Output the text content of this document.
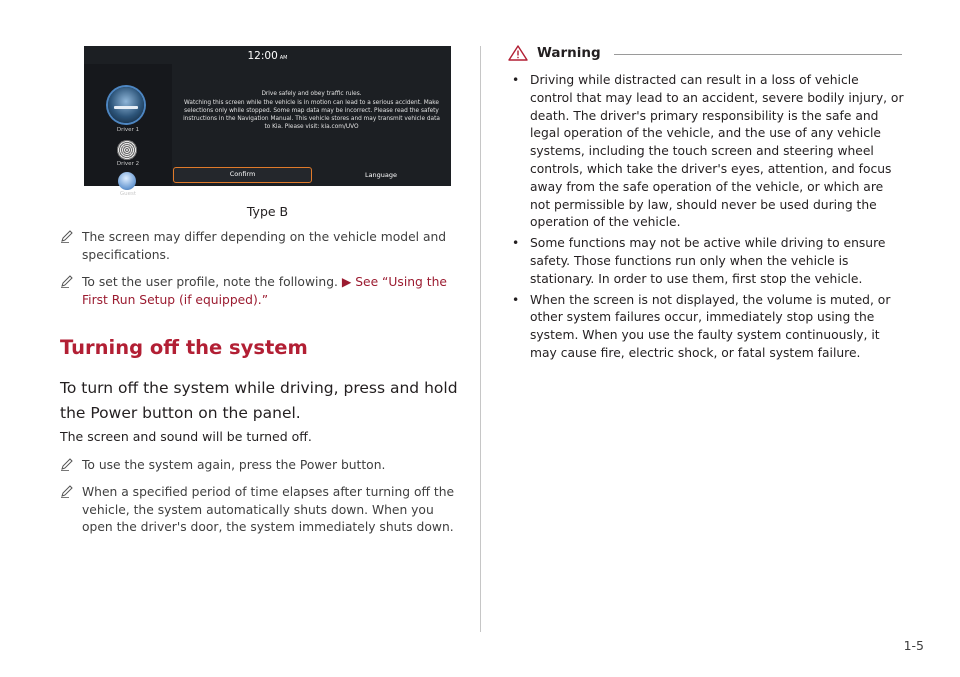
12:00 AM
Driver 1
Driver 2
Guest
Drive safely and obey traffic rules.
Watching this screen while the vehicle is in motion can lead to a serious accident. Make selections only while stopped. Some map data may be incorrect. Please read the safety instructions in the Navigation Manual. This vehicle stores and may transmit vehicle data to Kia. Please visit: kia.com/UVO
Confirm	Language
Type B
The screen may differ depending on the vehicle model and specifications.
To set the user profile, note the following. ▶ See “Using the First Run Setup (if equipped).”
Turning off the system
To turn off the system while driving, press and hold the Power button on the panel.
The screen and sound will be turned off.
To use the system again, press the Power button.
When a specified period of time elapses after turning off the vehicle, the system automatically shuts down. When you open the driver's door, the system immediately shuts down.
Warning
• Driving while distracted can result in a loss of vehicle control that may lead to an accident, severe bodily injury, or death. The driver's primary responsibility is the safe and legal operation of the vehicle, and the use of any vehicle systems, including the touch screen and steering wheel controls, which take the driver's eyes, attention, and focus away from the safe operation of the vehicle, or which are not permissible by law, should never be used during the operation of the vehicle.
• Some functions may not be active while driving to ensure safety. Those functions run only when the vehicle is stationary. In order to use them, first stop the vehicle.
• When the screen is not displayed, the volume is muted, or other system failures occur, immediately stop using the system. When you use the faulty system continuously, it may cause fire, electric shock, or fatal system failure.
1-5
